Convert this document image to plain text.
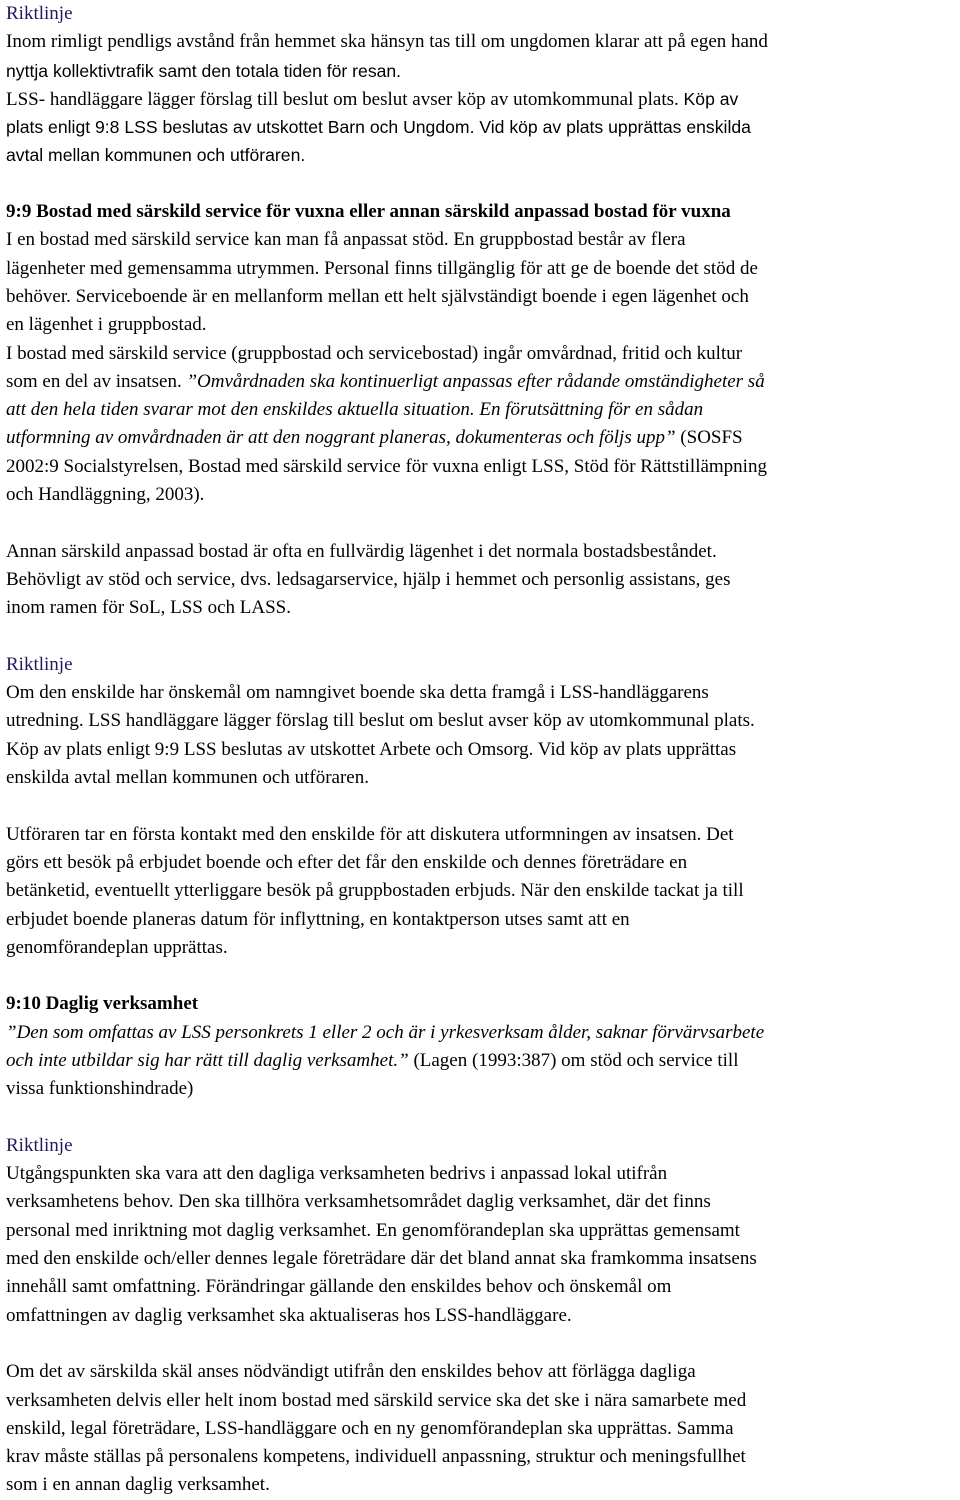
Riktlinje
Inom rimligt pendligs avstånd från hemmet ska hänsyn tas till om ungdomen klarar att på egen hand
nyttja kollektivtrafik samt den totala tiden för resan.
LSS- handläggare lägger förslag till beslut om beslut avser köp av utomkommunal plats. Köp av
plats enligt 9:8 LSS beslutas av utskottet Barn och Ungdom. Vid köp av plats upprättas enskilda
avtal mellan kommunen och utföraren.
9:9 Bostad med särskild service för vuxna eller annan särskild anpassad bostad för vuxna
I en bostad med särskild service kan man få anpassat stöd. En gruppbostad består av flera
lägenheter med gemensamma utrymmen. Personal finns tillgänglig för att ge de boende det stöd de
behöver. Serviceboende är en mellanform mellan ett helt självständigt boende i egen lägenhet och
en lägenhet i gruppbostad.
I bostad med särskild service (gruppbostad och servicebostad) ingår omvårdnad, fritid och kultur
som en del av insatsen. ”Omvårdnaden ska kontinuerligt anpassas efter rådande omständigheter så
att den hela tiden svarar mot den enskildes aktuella situation. En förutsättning för en sådan
utformning av omvårdnaden är att den noggrant planeras, dokumenteras och följs upp” (SOSFS
2002:9 Socialstyrelsen, Bostad med särskild service för vuxna enligt LSS, Stöd för Rättstillämpning
och Handläggning, 2003).
Annan särskild anpassad bostad är ofta en fullvärdig lägenhet i det normala bostadsbeståndet.
Behövligt av stöd och service, dvs. ledsagarservice, hjälp i hemmet och personlig assistans, ges
inom ramen för SoL, LSS och LASS.
Riktlinje
Om den enskilde har önskemål om namngivet boende ska detta framgå i LSS-handläggarens
utredning. LSS handläggare lägger förslag till beslut om beslut avser köp av utomkommunal plats.
Köp av plats enligt 9:9 LSS beslutas av utskottet Arbete och Omsorg. Vid köp av plats upprättas
enskilda avtal mellan kommunen och utföraren.
Utföraren tar en första kontakt med den enskilde för att diskutera utformningen av insatsen. Det
görs ett besök på erbjudet boende och efter det får den enskilde och dennes företrädare en
betänketid, eventuellt ytterliggare besök på gruppbostaden erbjuds. När den enskilde tackat ja till
erbjudet boende planeras datum för inflyttning, en kontaktperson utses samt att en
genomförandeplan upprättas.
9:10 Daglig verksamhet
”Den som omfattas av LSS personkrets 1 eller 2 och är i yrkesverksam ålder, saknar förvärvsarbete
och inte utbildar sig har rätt till daglig verksamhet.” (Lagen (1993:387) om stöd och service till
vissa funktionshindrade)
Riktlinje
Utgångspunkten ska vara att den dagliga verksamheten bedrivs i anpassad lokal utifrån
verksamhetens behov. Den ska tillhöra verksamhetsområdet daglig verksamhet, där det finns
personal med inriktning mot daglig verksamhet. En genomförandeplan ska upprättas gemensamt
med den enskilde och/eller dennes legale företrädare där det bland annat ska framkomma insatsens
innehåll samt omfattning. Förändringar gällande den enskildes behov och önskemål om
omfattningen av daglig verksamhet ska aktualiseras hos LSS-handläggare.
Om det av särskilda skäl anses nödvändigt utifrån den enskildes behov att förlägga dagliga
verksamheten delvis eller helt inom bostad med särskild service ska det ske i nära samarbete med
enskild, legal företrädare, LSS-handläggare och en ny genomförandeplan ska upprättas. Samma
krav måste ställas på personalens kompetens, individuell anpassning, struktur och meningsfullhet
som i en annan daglig verksamhet.
